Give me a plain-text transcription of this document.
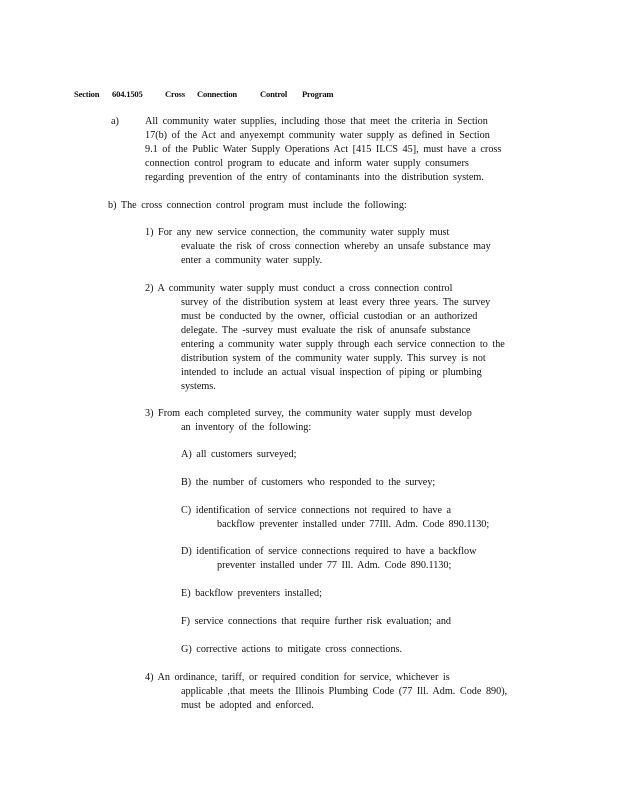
Section 604.1505	Cross Connection	Control Program
a)	All community water supplies, including those that meet the criteria in Section
17(b) of the Act and anyexempt community water supply as defined in Section
9.1 of the Public Water Supply Operations Act [415 ILCS 45], must have a cross
connection control program to educate and inform water supply consumers
regarding prevention of the entry of contaminants into the distribution system.
b) The cross connection control program must include the following:
1) For any new service connection, the community water supply must
evaluate the risk of cross connection whereby an unsafe substance may
enter a community water supply.
2) A community water supply must conduct a cross connection control
survey of the distribution system at least every three years. The survey
must be conducted by the owner, official custodian or an authorized
delegate. The -survey must evaluate the risk of anunsafe substance
entering a community water supply through each service connection to the
distribution system of the community water supply. This survey is not
intended to include an actual visual inspection of piping or plumbing
systems.
3) From each completed survey, the community water supply must develop
an inventory of the following:
A) all customers surveyed;
B) the number of customers who responded to the survey;
C) identification of service connections not required to have a
backflow preventer installed under 77Ill. Adm. Code 890.1130;
D) identification of service connections required to have a backflow
preventer installed under 77 Ill. Adm. Code 890.1130;
E) backflow preventers installed;
F) service connections that require further risk evaluation; and
G) corrective actions to mitigate cross connections.
4) An ordinance, tariff, or required condition for service, whichever is
applicable ,that meets the Illinois Plumbing Code (77 Ill. Adm. Code 890),
must be adopted and enforced.
